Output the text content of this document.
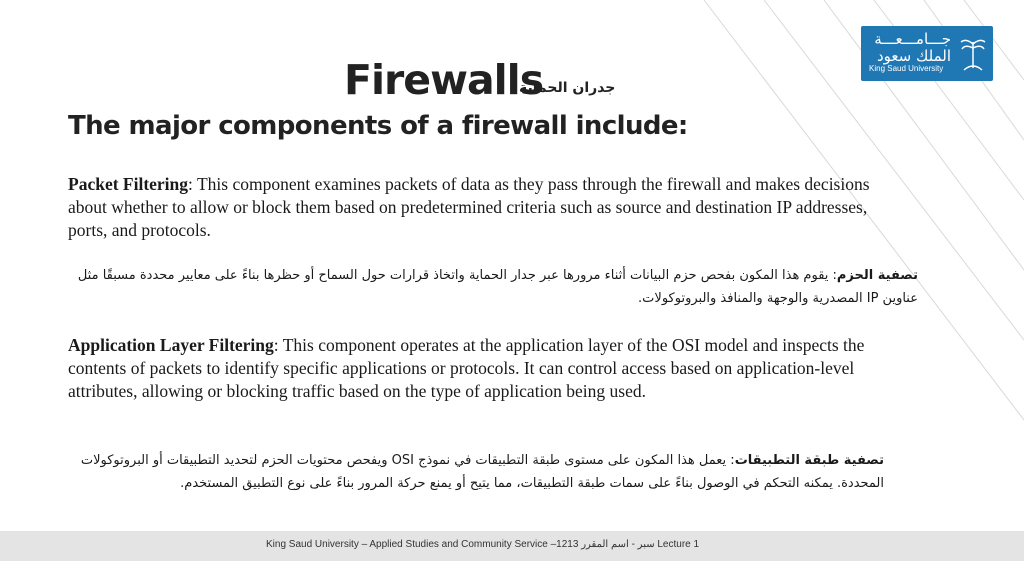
جـــامـــعـــة
الملك سعود
King Saud University
Firewalls
جدران الحماية
The major components of a firewall include:
Packet Filtering: This component examines packets of data as they pass through the firewall and makes decisions about whether to allow or block them based on predetermined criteria such as source and destination IP addresses, ports, and protocols.
تصفية الحزم: يقوم هذا المكون بفحص حزم البيانات أثناء مرورها عبر جدار الحماية واتخاذ قرارات حول السماح أو حظرها بناءً على معايير محددة مسبقًا مثل عناوين IP المصدرية والوجهة والمنافذ والبروتوكولات.
Application Layer Filtering: This component operates at the application layer of the OSI model and inspects the contents of packets to identify specific applications or protocols. It can control access based on application-level attributes, allowing or blocking traffic based on the type of application being used.
تصفية طبقة التطبيقات: يعمل هذا المكون على مستوى طبقة التطبيقات في نموذج OSI ويفحص محتويات الحزم لتحديد التطبيقات أو البروتوكولات المحددة. يمكنه التحكم في الوصول بناءً على سمات طبقة التطبيقات، مما يتيح أو يمنع حركة المرور بناءً على نوع التطبيق المستخدم.
King Saud University – Applied Studies and Community Service –1213 سبر - اسم المقرر Lecture 1
